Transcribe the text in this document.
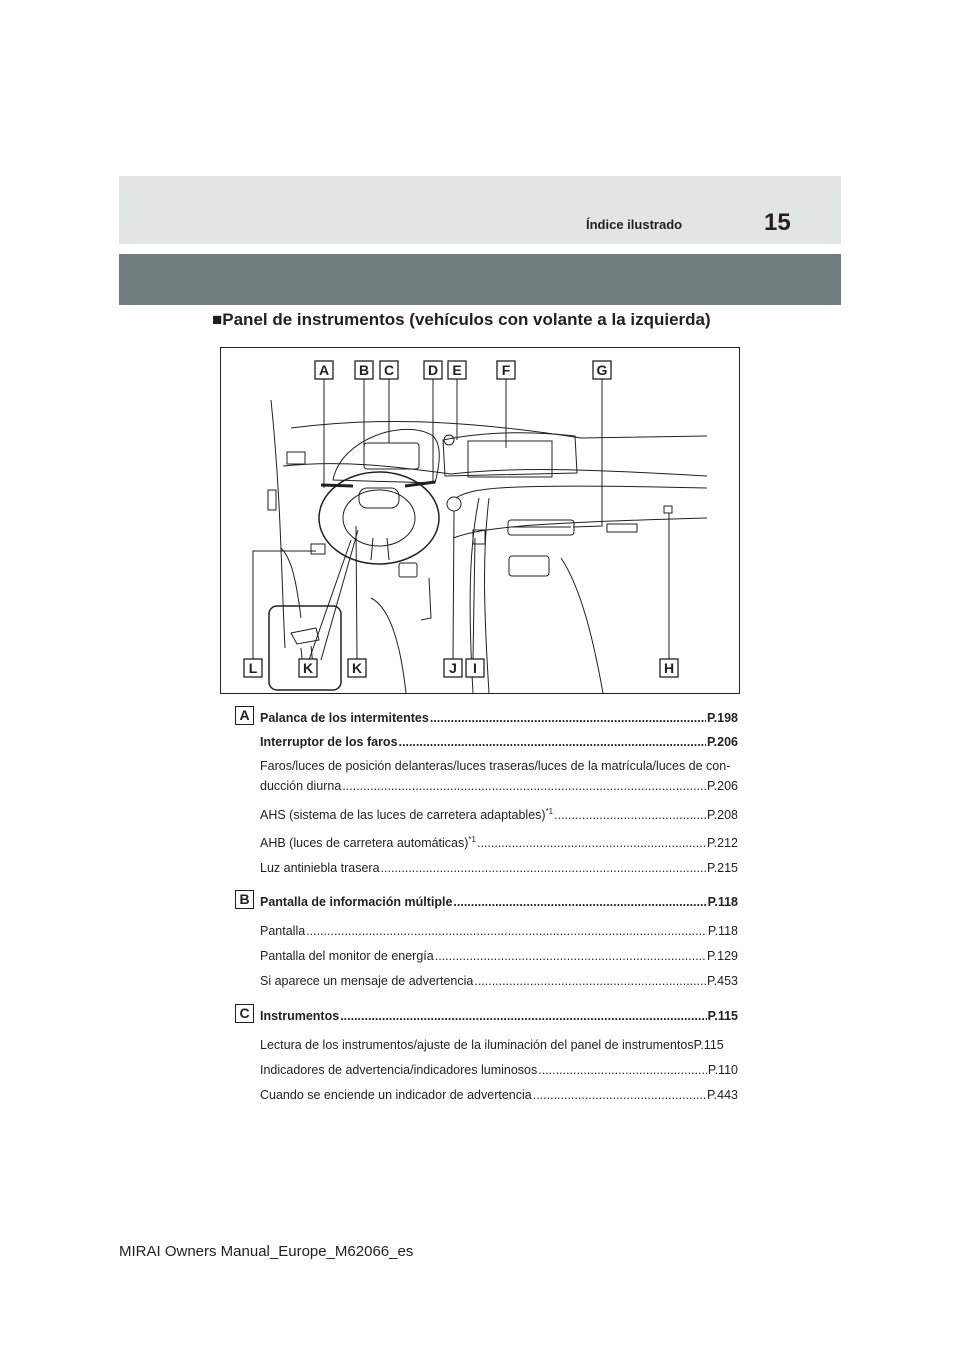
15
Índice ilustrado
■Panel de instrumentos (vehículos con volante a la izquierda)
A B C D E	F	G
L	K	K	J I	H
A Palanca de los intermitentes .....	P.198
Interruptor de los faros .....	P.206
Faros/luces de posición delanteras/luces traseras/luces de la matrícula/luces de con-
ducción diurna .....	P.206
AHS (sistema de las luces de carretera adaptables)$^{*1}$ .....	P.208
AHB (luces de carretera automáticas)$^{*1}$ .....	P.212
Luz antiniebla trasera .....	P.215
B Pantalla de información múltiple .....	P.118
Pantalla .....	P.118
Pantalla del monitor de energía .....	P.129
Si aparece un mensaje de advertencia .....	P.453
C Instrumentos .....	P.115
Lectura de los instrumentos/ajuste de la iluminación del panel de instrumentos P.115
Indicadores de advertencia/indicadores luminosos .....	P.110
Cuando se enciende un indicador de advertencia .....	P.443
MIRAI Owners Manual_Europe_M62066_es
